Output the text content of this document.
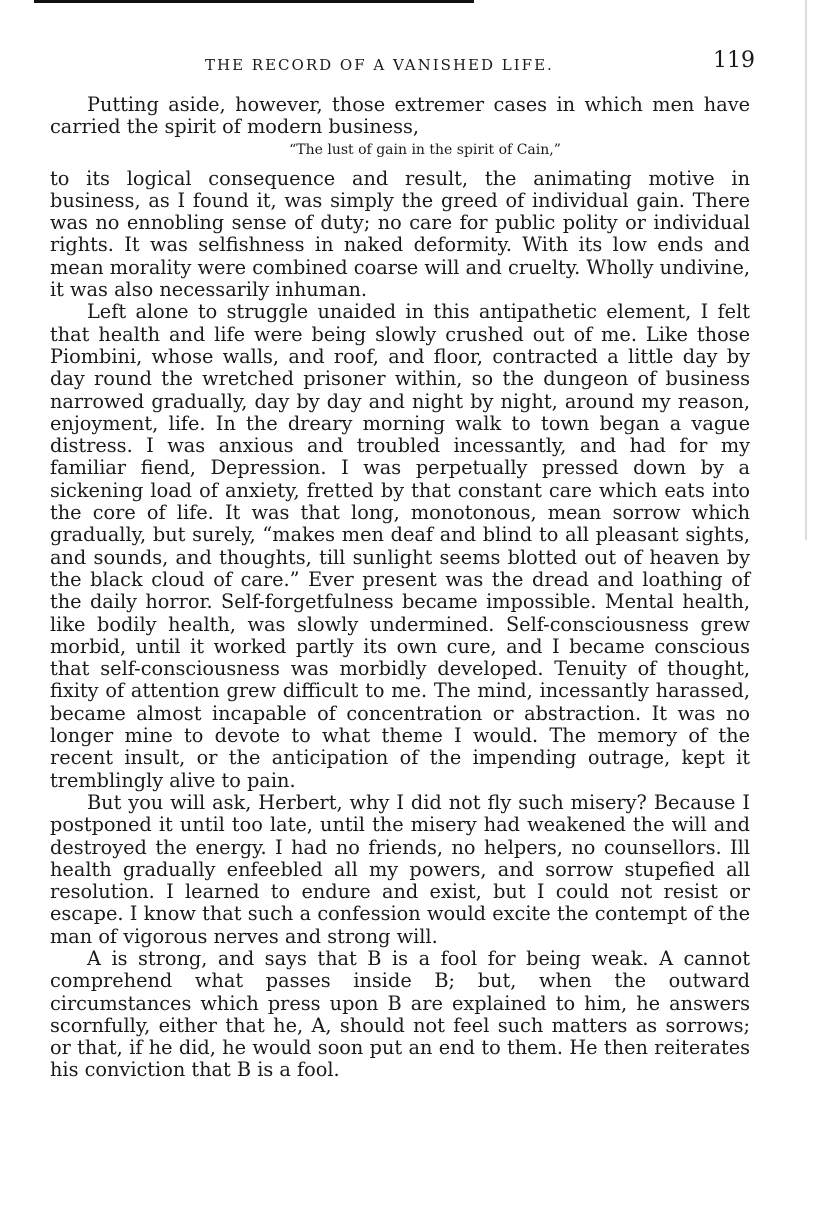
THE RECORD OF A VANISHED LIFE.	119

Putting aside, however, those extremer cases in which men have carried the spirit of modern business,

“The lust of gain in the spirit of Cain,”

to its logical consequence and result, the animating motive in business, as I found it, was simply the greed of individual gain. There was no ennobling sense of duty; no care for public polity or individual rights. It was selfishness in naked deformity. With its low ends and mean morality were combined coarse will and cruelty. Wholly undivine, it was also necessarily inhuman.

Left alone to struggle unaided in this antipathetic element, I felt that health and life were being slowly crushed out of me. Like those Piombini, whose walls, and roof, and floor, contracted a little day by day round the wretched prisoner within, so the dungeon of business narrowed gradually, day by day and night by night, around my reason, enjoyment, life. In the dreary morning walk to town began a vague distress. I was anxious and troubled incessantly, and had for my familiar fiend, Depression. I was perpetually pressed down by a sickening load of anxiety, fretted by that constant care which eats into the core of life. It was that long, monotonous, mean sorrow which gradually, but surely, “makes men deaf and blind to all pleasant sights, and sounds, and thoughts, till sunlight seems blotted out of heaven by the black cloud of care.” Ever present was the dread and loathing of the daily horror. Self-forgetfulness became impossible. Mental health, like bodily health, was slowly undermined. Self-consciousness grew morbid, until it worked partly its own cure, and I became conscious that self-consciousness was morbidly developed. Tenuity of thought, fixity of attention grew difficult to me. The mind, incessantly harassed, became almost incapable of concentration or abstraction. It was no longer mine to devote to what theme I would. The memory of the recent insult, or the anticipation of the impending outrage, kept it tremblingly alive to pain.

But you will ask, Herbert, why I did not fly such misery? Because I postponed it until too late, until the misery had weakened the will and destroyed the energy. I had no friends, no helpers, no counsellors. Ill health gradually enfeebled all my powers, and sorrow stupefied all resolution. I learned to endure and exist, but I could not resist or escape. I know that such a confession would excite the contempt of the man of vigorous nerves and strong will.

A is strong, and says that B is a fool for being weak. A cannot comprehend what passes inside B; but, when the outward circumstances which press upon B are explained to him, he answers scornfully, either that he, A, should not feel such matters as sorrows; or that, if he did, he would soon put an end to them. He then reiterates his conviction that B is a fool.
